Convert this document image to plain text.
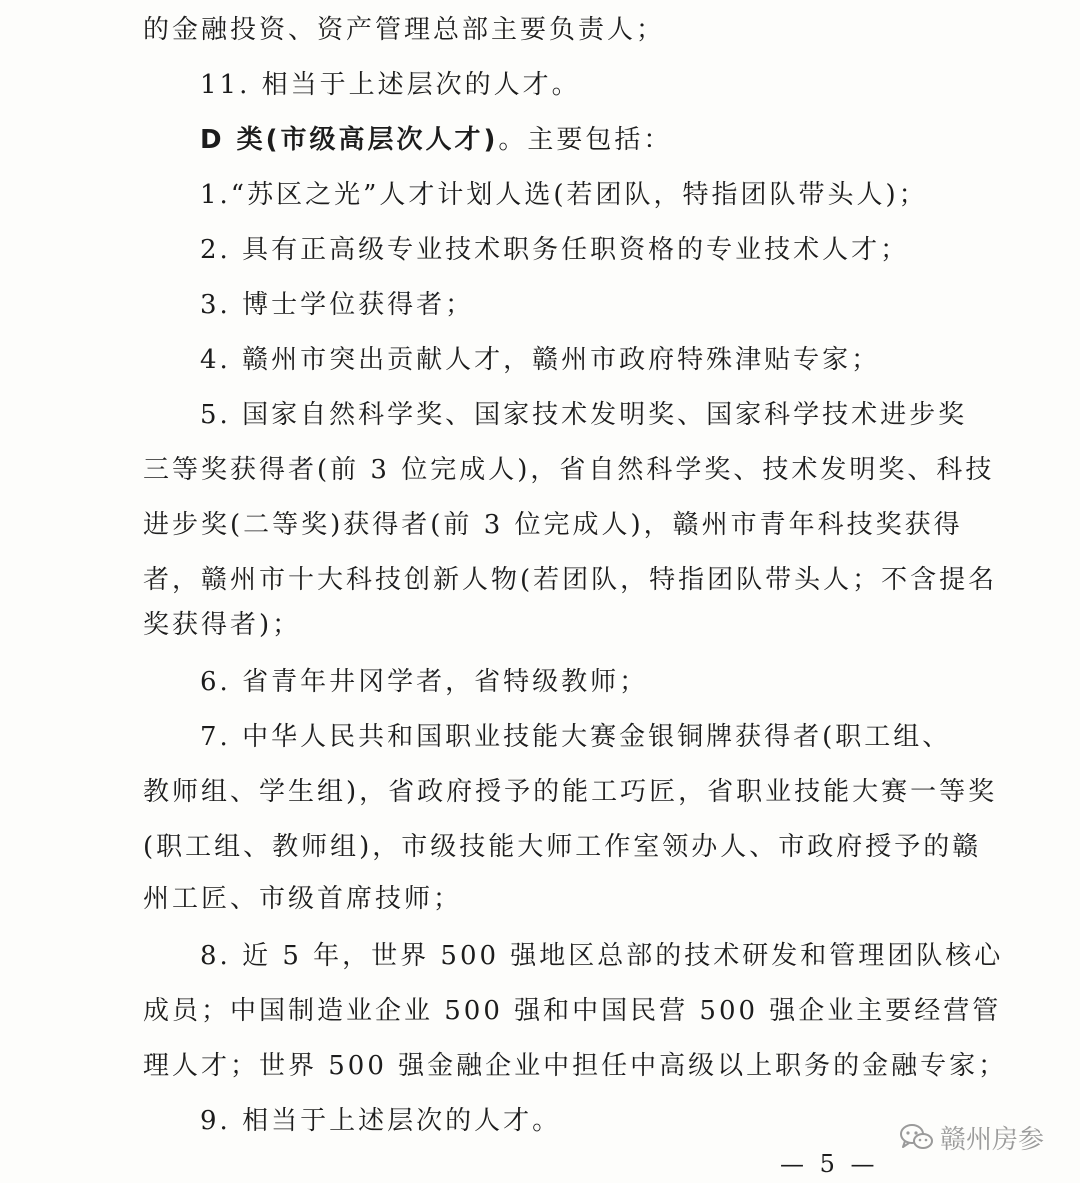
的金融投资、资产管理总部主要负责人；
11. 相当于上述层次的人才。
D 类(市级高层次人才)。主要包括：
1.“苏区之光”人才计划人选(若团队，特指团队带头人)；
2. 具有正高级专业技术职务任职资格的专业技术人才；
3. 博士学位获得者；
4. 赣州市突出贡献人才，赣州市政府特殊津贴专家；
5. 国家自然科学奖、国家技术发明奖、国家科学技术进步奖
三等奖获得者(前 3 位完成人)，省自然科学奖、技术发明奖、科技
进步奖(二等奖)获得者(前 3 位完成人)，赣州市青年科技奖获得
者，赣州市十大科技创新人物(若团队，特指团队带头人；不含提名
奖获得者)；
6. 省青年井冈学者，省特级教师；
7. 中华人民共和国职业技能大赛金银铜牌获得者(职工组、
教师组、学生组)，省政府授予的能工巧匠，省职业技能大赛一等奖
(职工组、教师组)，市级技能大师工作室领办人、市政府授予的赣
州工匠、市级首席技师；
8. 近 5 年，世界 500 强地区总部的技术研发和管理团队核心
成员；中国制造业企业 500 强和中国民营 500 强企业主要经营管
理人才；世界 500 强金融企业中担任中高级以上职务的金融专家；
9. 相当于上述层次的人才。
赣州房参
— 5 —
